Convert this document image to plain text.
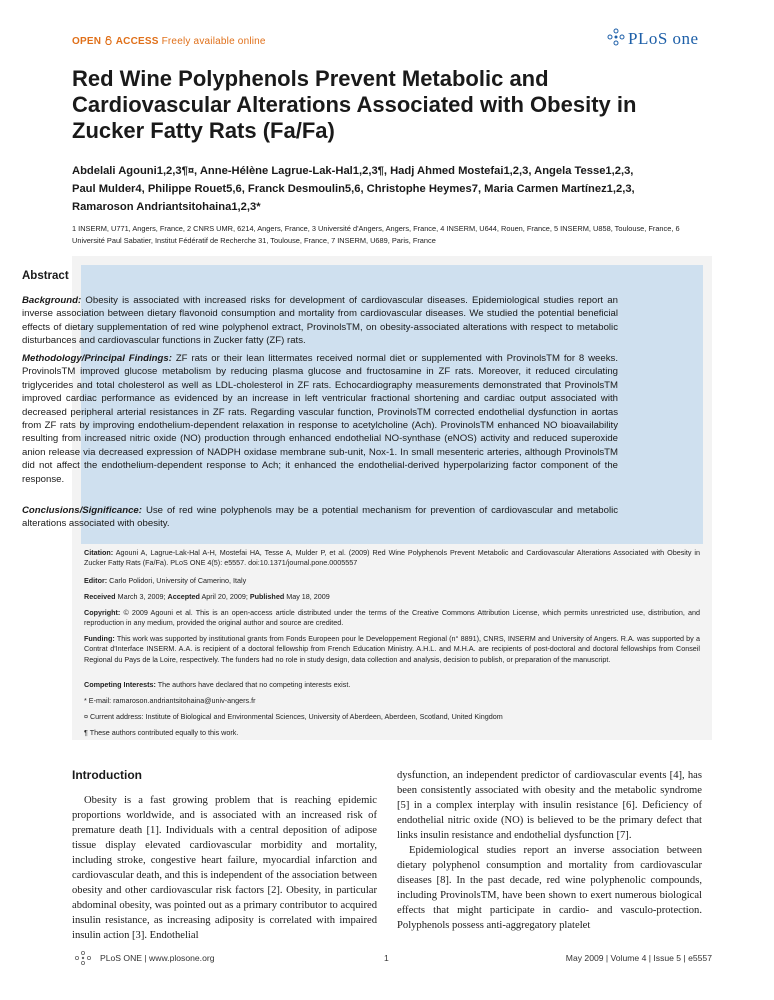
OPEN ACCESS Freely available online	PLoS one
Red Wine Polyphenols Prevent Metabolic and Cardiovascular Alterations Associated with Obesity in Zucker Fatty Rats (Fa/Fa)
Abdelali Agouni1,2,3¶¤, Anne-Hélène Lagrue-Lak-Hal1,2,3¶, Hadj Ahmed Mostefai1,2,3, Angela Tesse1,2,3,
Paul Mulder4, Philippe Rouet5,6, Franck Desmoulin5,6, Christophe Heymes7, Maria Carmen Martínez1,2,3,
Ramaroson Andriantsitohaina1,2,3*
1 INSERM, U771, Angers, France, 2 CNRS UMR, 6214, Angers, France, 3 Université d'Angers, Angers, France, 4 INSERM, U644, Rouen, France, 5 INSERM, U858, Toulouse, France, 6 Université Paul Sabatier, Institut Fédératif de Recherche 31, Toulouse, France, 7 INSERM, U689, Paris, France
Abstract
Background: Obesity is associated with increased risks for development of cardiovascular diseases. Epidemiological studies report an inverse association between dietary flavonoid consumption and mortality from cardiovascular diseases. We studied the potential beneficial effects of dietary supplementation of red wine polyphenol extract, ProvinolsTM, on obesity-associated alterations with respect to metabolic disturbances and cardiovascular functions in Zucker fatty (ZF) rats.
Methodology/Principal Findings: ZF rats or their lean littermates received normal diet or supplemented with ProvinolsTM for 8 weeks. ProvinolsTM improved glucose metabolism by reducing plasma glucose and fructosamine in ZF rats. Moreover, it reduced circulating triglycerides and total cholesterol as well as LDL-cholesterol in ZF rats. Echocardiography measurements demonstrated that ProvinolsTM improved cardiac performance as evidenced by an increase in left ventricular fractional shortening and cardiac output associated with decreased peripheral arterial resistances in ZF rats. Regarding vascular function, ProvinolsTM corrected endothelial dysfunction in aortas from ZF rats by improving endothelium-dependent relaxation in response to acetylcholine (Ach). ProvinolsTM enhanced NO bioavailability resulting from increased nitric oxide (NO) production through enhanced endothelial NO-synthase (eNOS) activity and reduced superoxide anion release via decreased expression of NADPH oxidase membrane sub-unit, Nox-1. In small mesenteric arteries, although ProvinolsTM did not affect the endothelium-dependent response to Ach; it enhanced the endothelial-derived hyperpolarizing factor component of the response.
Conclusions/Significance: Use of red wine polyphenols may be a potential mechanism for prevention of cardiovascular and metabolic alterations associated with obesity.
Citation: Agouni A, Lagrue-Lak-Hal A-H, Mostefai HA, Tesse A, Mulder P, et al. (2009) Red Wine Polyphenols Prevent Metabolic and Cardiovascular Alterations Associated with Obesity in Zucker Fatty Rats (Fa/Fa). PLoS ONE 4(5): e5557. doi:10.1371/journal.pone.0005557
Editor: Carlo Polidori, University of Camerino, Italy
Received March 3, 2009; Accepted April 20, 2009; Published May 18, 2009
Copyright: © 2009 Agouni et al. This is an open-access article distributed under the terms of the Creative Commons Attribution License, which permits unrestricted use, distribution, and reproduction in any medium, provided the original author and source are credited.
Funding: This work was supported by institutional grants from Fonds Europeen pour le Developpement Regional (n° 8891), CNRS, INSERM and University of Angers. R.A. was supported by a Contrat d'Interface INSERM. A.A. is recipient of a doctoral fellowship from French Education Ministry. A.H.L. and M.H.A. are recipients of post-doctoral and doctoral fellowships from Conseil Regional du Pays de la Loire, respectively. The funders had no role in study design, data collection and analysis, decision to publish, or preparation of the manuscript.
Competing Interests: The authors have declared that no competing interests exist.
* E-mail: ramaroson.andriantsitohaina@univ-angers.fr
¤ Current address: Institute of Biological and Environmental Sciences, University of Aberdeen, Aberdeen, Scotland, United Kingdom
¶ These authors contributed equally to this work.
Introduction

Obesity is a fast growing problem that is reaching epidemic proportions worldwide, and is associated with an increased risk of premature death [1]. Individuals with a central deposition of adipose tissue display elevated cardiovascular morbidity and mortality, including stroke, congestive heart failure, myocardial infarction and cardiovascular death, and this is independent of the association between obesity and other cardiovascular risk factors [2]. Obesity, in particular abdominal obesity, was pointed out as a primary contributor to acquired insulin resistance, as increasing adiposity is correlated with impaired insulin action [3]. Endothelial

dysfunction, an independent predictor of cardiovascular events [4], has been consistently associated with obesity and the metabolic syndrome [5] in a complex interplay with insulin resistance [6]. Deficiency of endothelial nitric oxide (NO) is believed to be the primary defect that links insulin resistance and endothelial dysfunction [7].

Epidemiological studies report an inverse association between dietary polyphenol consumption and mortality from cardiovascular diseases [8]. In the past decade, red wine polyphenolic compounds, including ProvinolsTM, have been shown to exert numerous biological effects that might participate in cardio- and vasculo-protection. Polyphenols possess anti-aggregatory platelet

PLoS ONE | www.plosone.org	1	May 2009 | Volume 4 | Issue 5 | e5557
